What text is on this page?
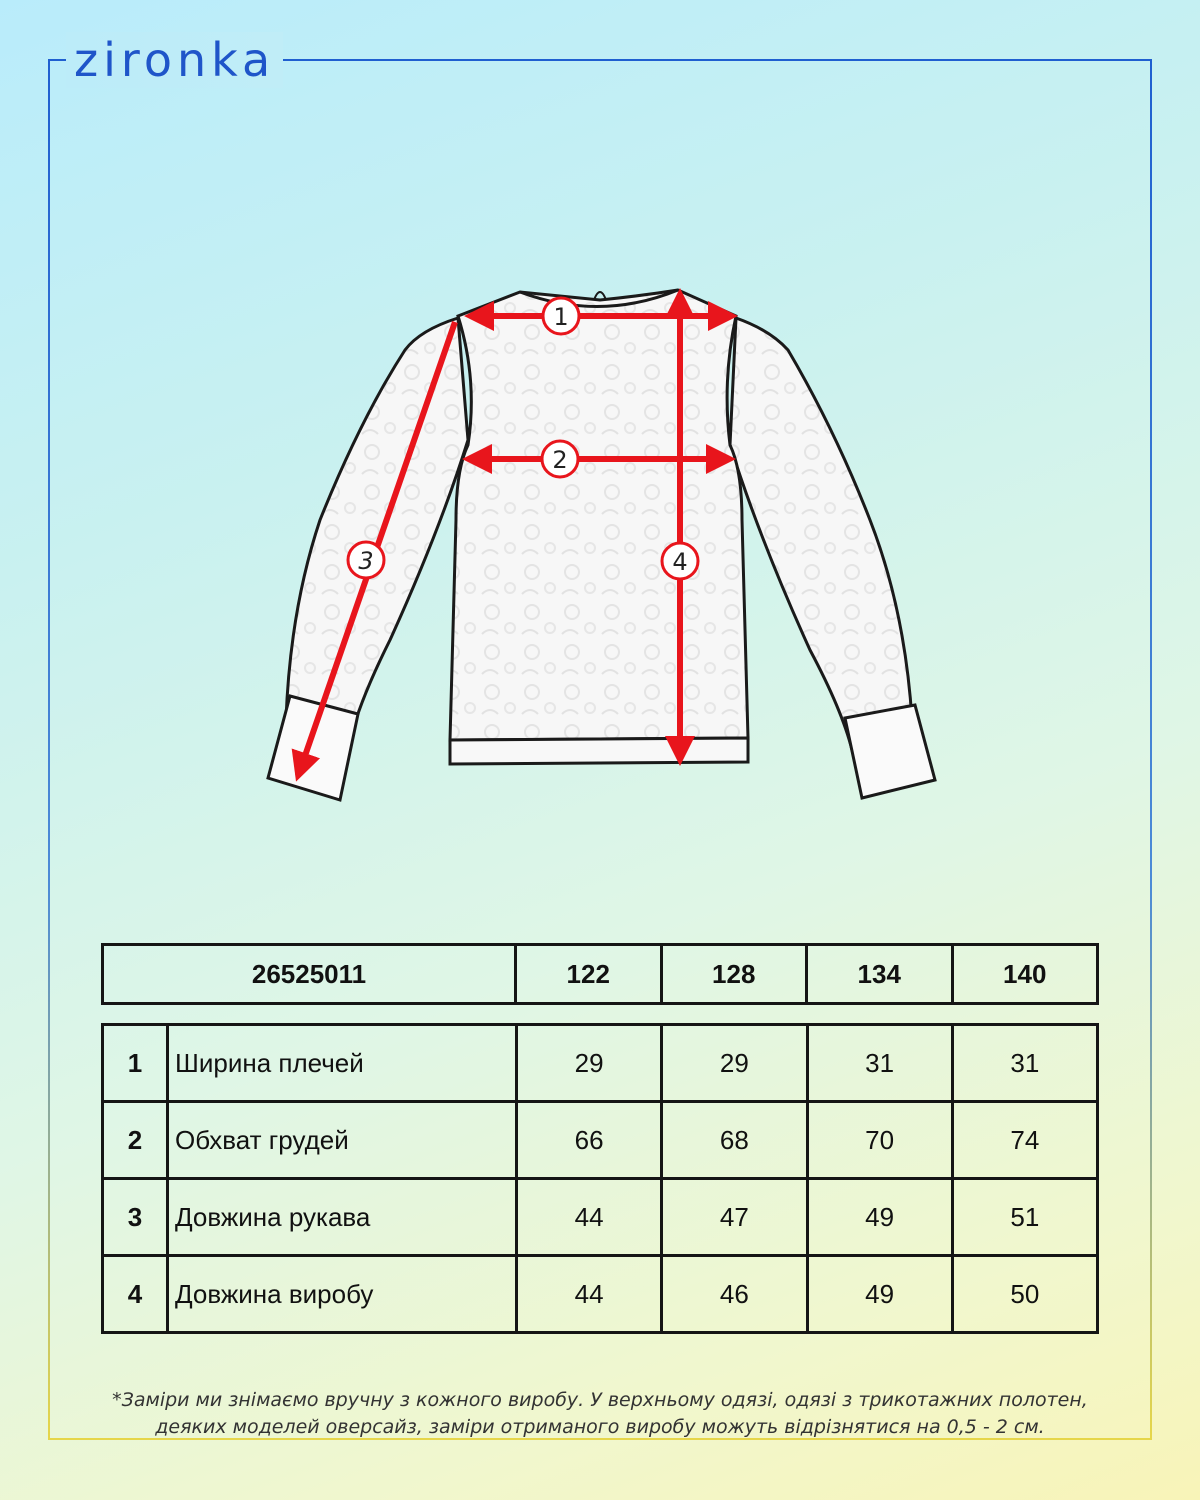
zironka
1
2
3	4
26525011	122	128	134	140
1	Ширина плечей	29	29	31	31
2	Обхват грудей	66	68	70	74
3	Довжина рукава	44	47	49	51
4	Довжина виробу	44	46	49	50
*Заміри ми знімаємо вручну з кожного виробу. У верхньому одязі, одязі з трикотажних полотен,
деяких моделей оверсайз, заміри отриманого виробу можуть відрізнятися на 0,5 - 2 см.
